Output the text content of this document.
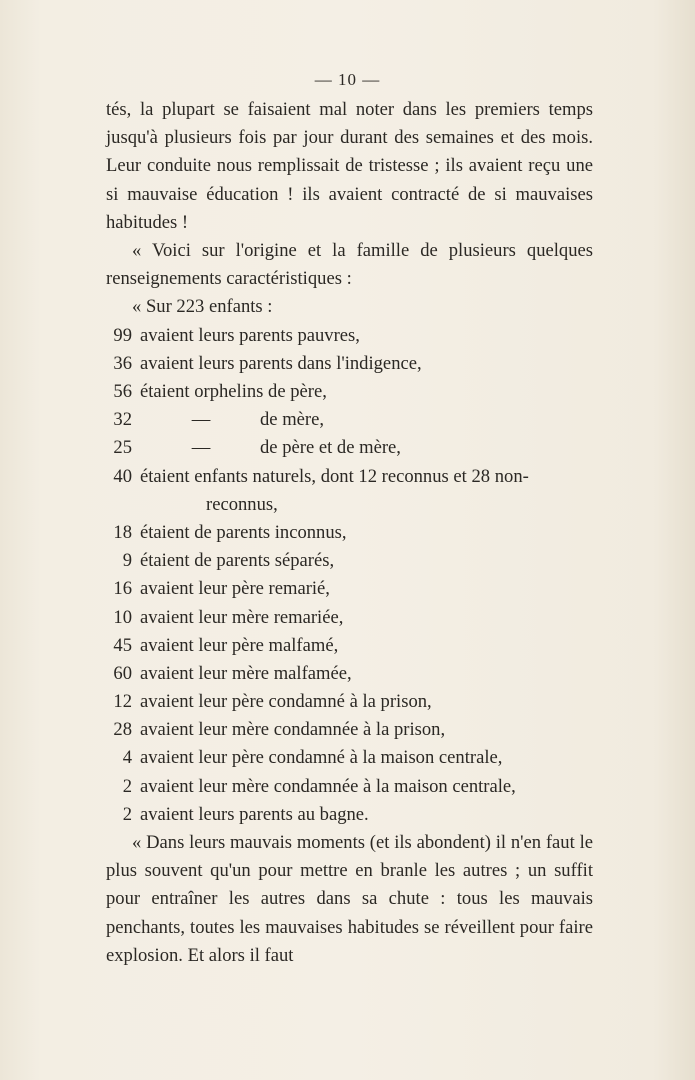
— 10 —
tés, la plupart se faisaient mal noter dans les premiers temps jusqu'à plusieurs fois par jour durant des semaines et des mois. Leur conduite nous remplissait de tristesse ; ils avaient reçu une si mauvaise éducation ! ils avaient contracté de si mauvaises habitudes !
« Voici sur l'origine et la famille de plusieurs quelques renseignements caractéristiques :
« Sur 223 enfants :
99 avaient leurs parents pauvres,
36 avaient leurs parents dans l'indigence,
56 étaient orphelins de père,
32	—	de mère,
25	—	de père et de mère,
40 étaient enfants naturels, dont 12 reconnus et 28 non-
reconnus,
18 étaient de parents inconnus,
9 étaient de parents séparés,
16 avaient leur père remarié,
10 avaient leur mère remariée,
45 avaient leur père malfamé,
60 avaient leur mère malfamée,
12 avaient leur père condamné à la prison,
28 avaient leur mère condamnée à la prison,
4 avaient leur père condamné à la maison centrale,
2 avaient leur mère condamnée à la maison centrale,
2 avaient leurs parents au bagne.
« Dans leurs mauvais moments (et ils abondent) il n'en faut le plus souvent qu'un pour mettre en branle les autres ; un suffit pour entraîner les autres dans sa chute : tous les mauvais penchants, toutes les mauvaises habitudes se réveillent pour faire explosion. Et alors il faut
